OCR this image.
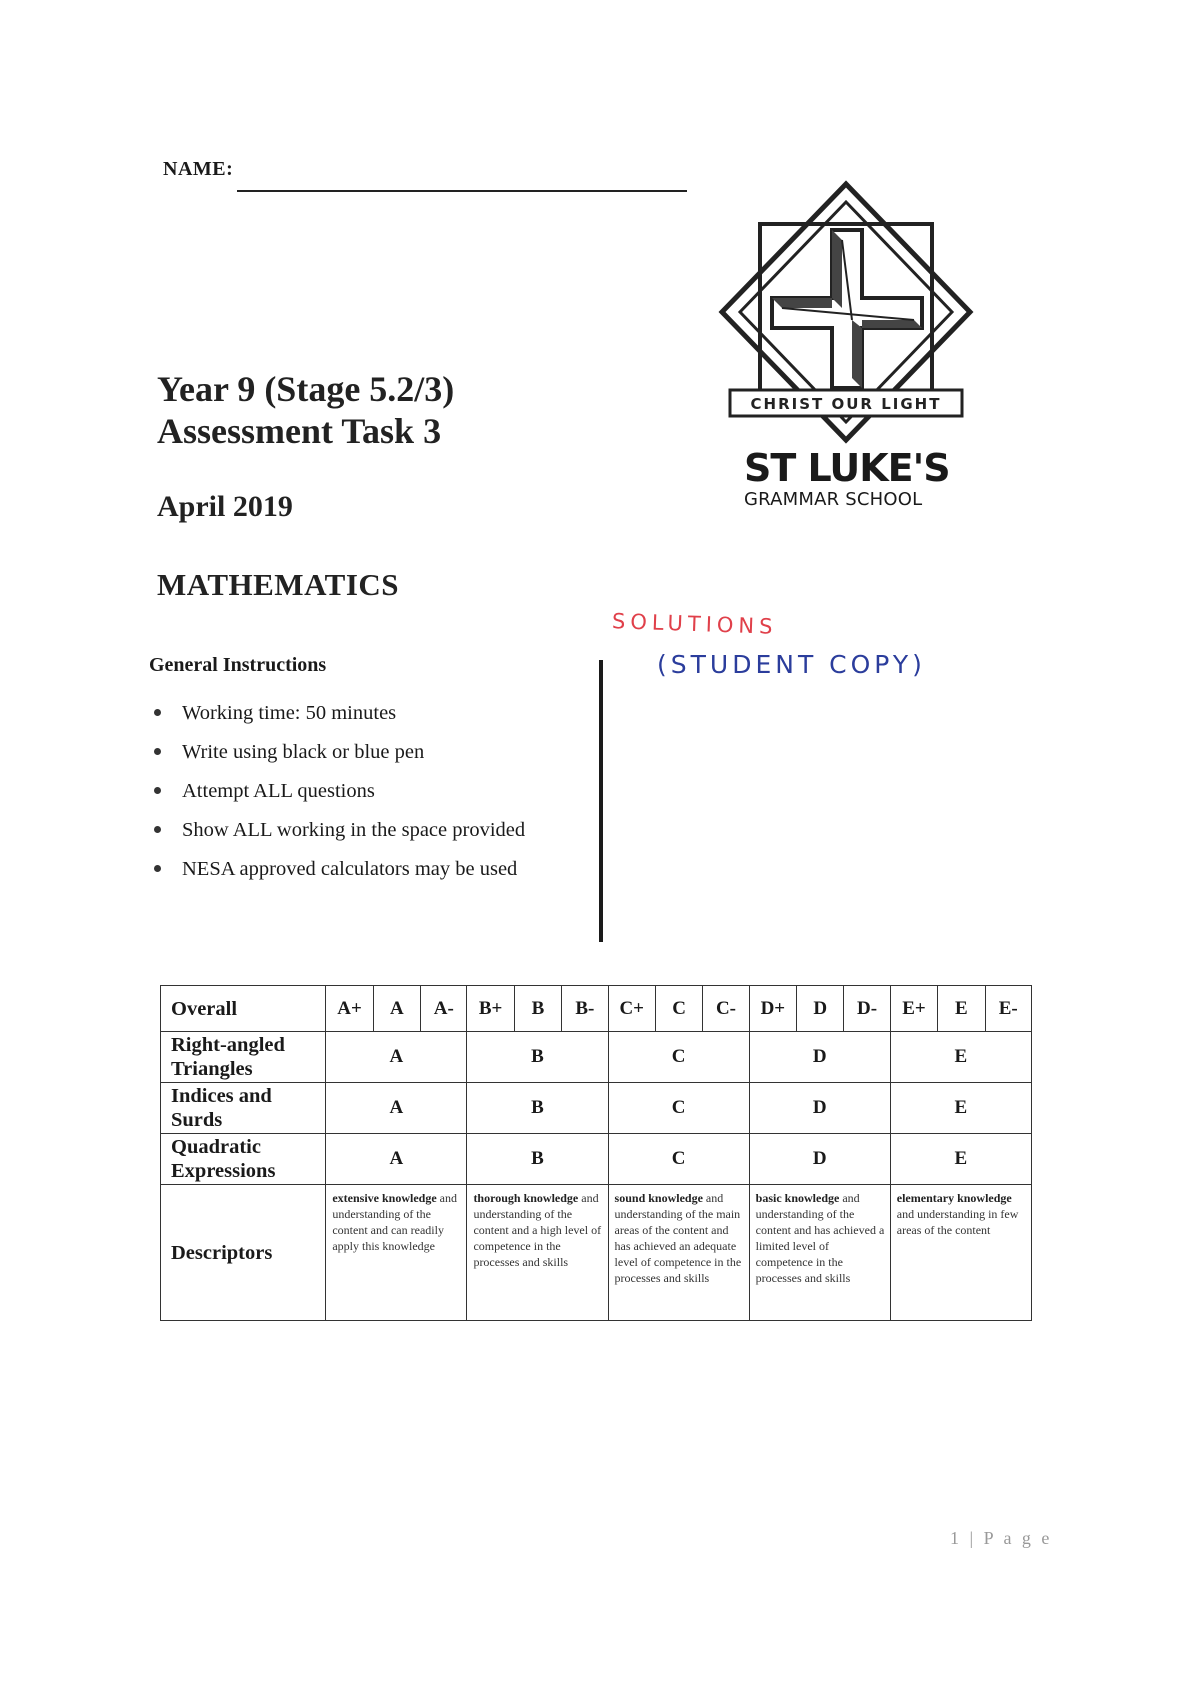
NAME:
Year 9 (Stage 5.2/3)
Assessment Task 3
April 2019
MATHEMATICS
CHRIST OUR LIGHT
ST LUKE'S
GRAMMAR SCHOOL
SOLUTIONS
(STUDENT COPY)
General Instructions
Working time: 50 minutes
Write using black or blue pen
Attempt ALL questions
Show ALL working in the space provided
NESA approved calculators may be used
Overall	A+	A	A-	B+	B	B-	C+	C	C-	D+	D	D-	E+	E	E-
Right-angled
Triangles	A			B			C			D			E		
Indices and
Surds	A			B			C			D			E		
Quadratic
Expressions	A			B			C			D			E		
Descriptors	extensive knowledge and understanding of the content and can readily apply this knowledge			thorough knowledge and understanding of the content and a high level of competence in the processes and skills			sound knowledge and understanding of the main areas of the content and has achieved an adequate level of competence in the processes and skills			basic knowledge and understanding of the content and has achieved a limited level of competence in the processes and skills			elementary knowledge and understanding in few areas of the content		
1 | P a g e
